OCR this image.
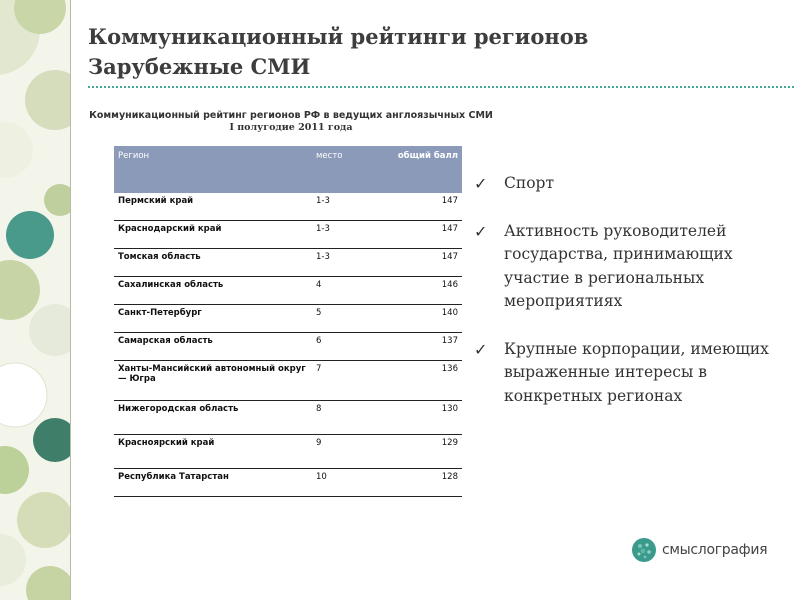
Коммуникационный рейтинги регионов
Зарубежные СМИ
Коммуникационный рейтинг регионов РФ в ведущих англоязычных СМИ
I полугодие 2011 года
Регион	место	общий балл
Пермский край	1-3	147
Краснодарский край	1-3	147
Томская область	1-3	147
Сахалинская область	4	146
Санкт-Петербург	5	140
Самарская область	6	137
Ханты-Мансийский автономный округ — Югра	7	136
Нижегородская область	8	130
Красноярский край	9	129
Республика Татарстан	10	128
✓ Спорт
✓ Активность руководителей государства, принимающих участие в региональных мероприятиях
✓ Крупные корпорации, имеющих выраженные интересы в конкретных регионах
смыслография
